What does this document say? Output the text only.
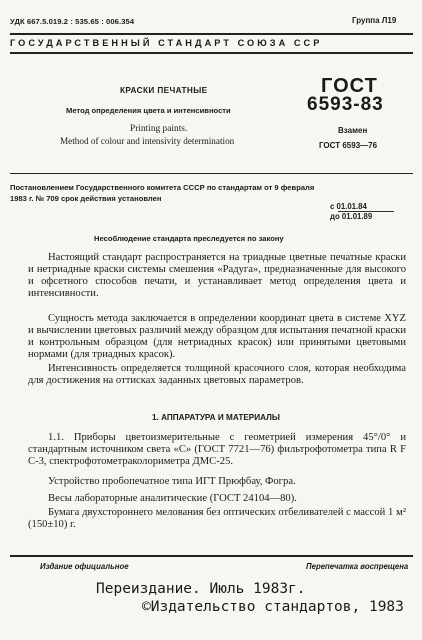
УДК 667.5.019.2 : 535.65 : 006.354	Группа Л19
ГОСУДАРСТВЕННЫЙ СТАНДАРТ СОЮЗА ССР
КРАСКИ ПЕЧАТНЫЕ
Метод определения цвета и интенсивности
Printing paints.
Method of colour and intensivity determination
ГОСТ
6593-83
Взамен
ГОСТ 6593—76
Постановлением Государственного комитета СССР по стандартам от 9 февраля
1983 г. № 709 срок действия установлен
с 01.01.84
до 01.01.89
Несоблюдение стандарта преследуется по закону

Настоящий стандарт распространяется на триадные цветные печатные краски и нетриадные краски системы смешения «Радуга», предназначенные для высокого и офсетного способов печати, и устанавливает метод определения цвета и интенсивности.

Сущность метода заключается в определении координат цвета в системе XYZ и вычислении цветовых различий между образцом для испытания печатной краски и контрольным образцом (для нетриадных красок) или принятыми цветовыми нормами (для триадных красок).

Интенсивность определяется толщиной красочного слоя, которая необходима для достижения на оттисках заданных цветовых параметров.

1. АППАРАТУРА И МАТЕРИАЛЫ

1.1. Приборы цветоизмерительные с геометрией измерения 45°/0° и стандартным источником света «С» (ГОСТ 7721—76) фильтрофотометра типа R F C-3, спектрофотометраколориметра ДМС-25.

Устройство пробопечатное типа ИГТ Прюфбау, Фогра.

Весы лабораторные аналитические (ГОСТ 24104—80).

Бумага двухстороннего мелования без оптических отбеливателей с массой 1 м² (150±10) г.

Издание официальное	Перепечатка воспрещена
Переиздание. Июль 1983г.
©Издательство стандартов, 1983
